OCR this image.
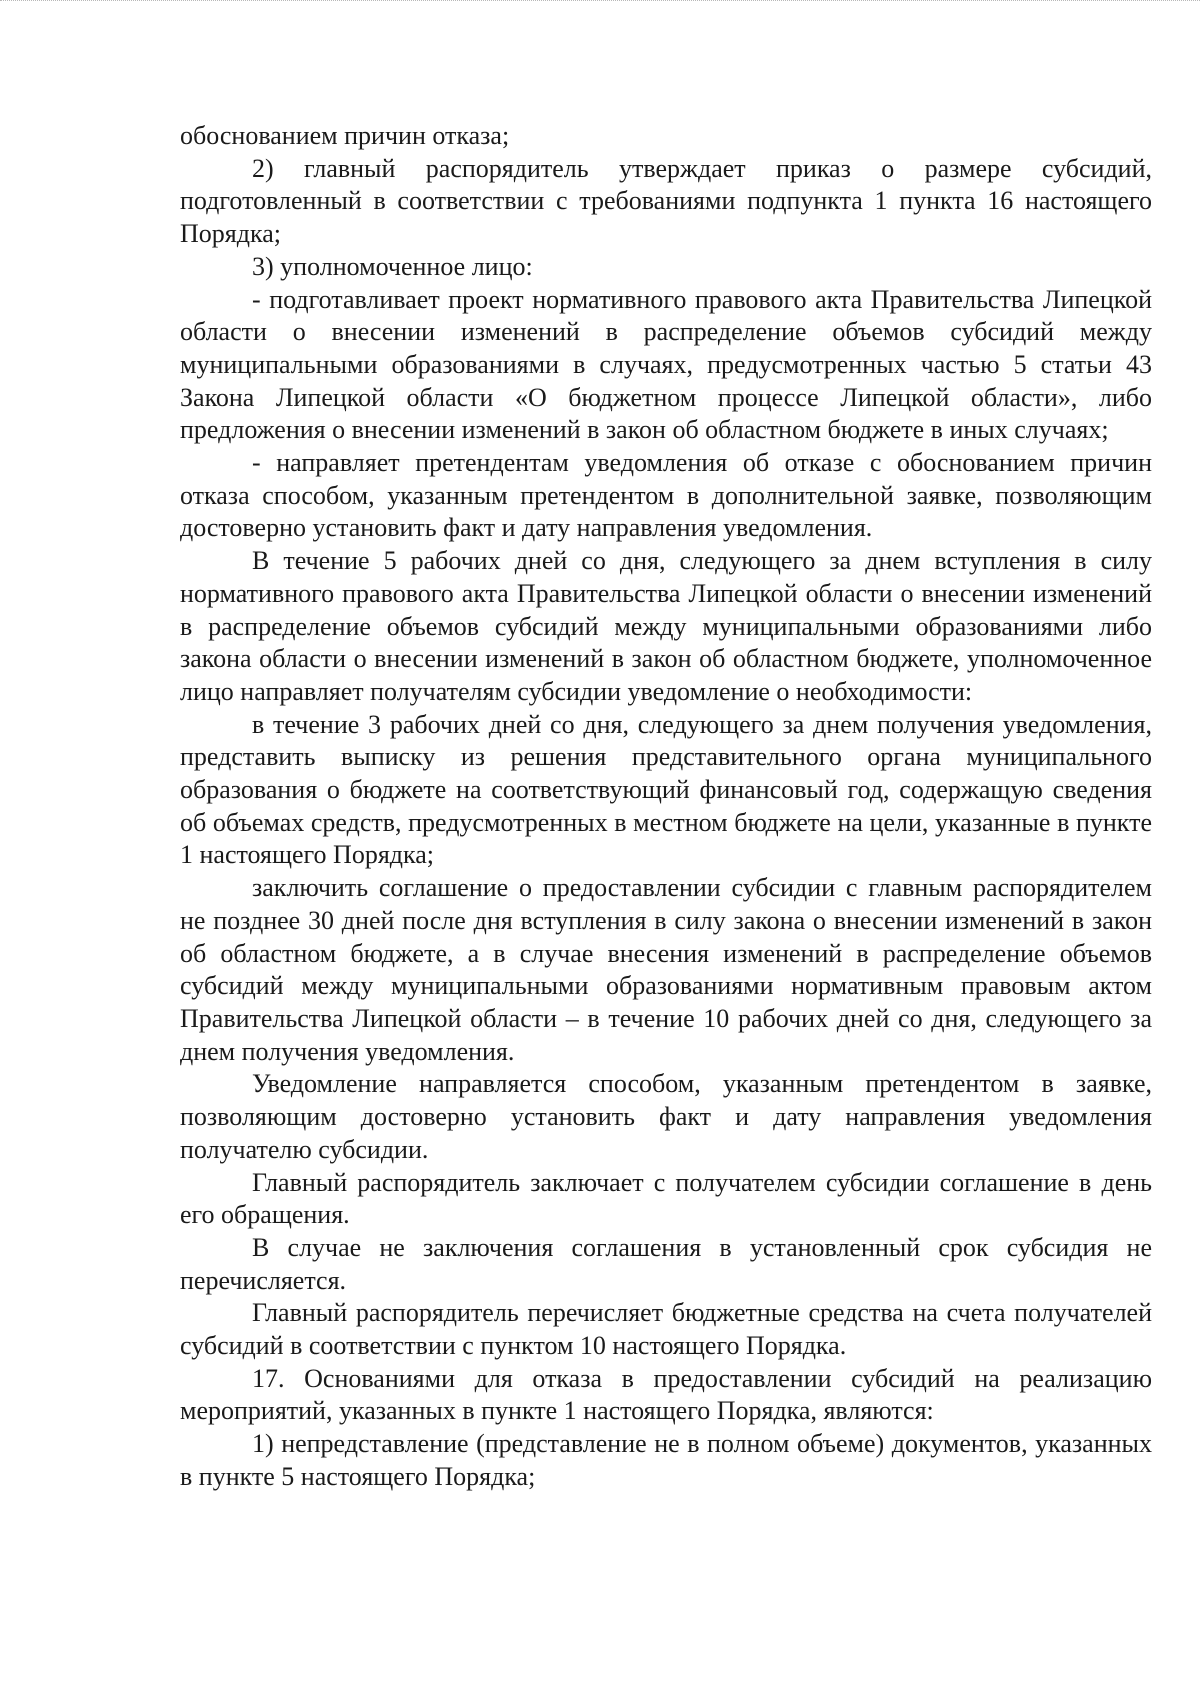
обоснованием причин отказа;

2) главный распорядитель утверждает приказ о размере субсидий, подготовленный в соответствии с требованиями подпункта 1 пункта 16 настоящего Порядка;

3) уполномоченное лицо:

- подготавливает проект нормативного правового акта Правительства Липецкой области о внесении изменений в распределение объемов субсидий между муниципальными образованиями в случаях, предусмотренных частью 5 статьи 43 Закона Липецкой области «О бюджетном процессе Липецкой области», либо предложения о внесении изменений в закон об областном бюджете в иных случаях;

- направляет претендентам уведомления об отказе с обоснованием причин отказа способом, указанным претендентом в дополнительной заявке, позволяющим достоверно установить факт и дату направления уведомления.

В течение 5 рабочих дней со дня, следующего за днем вступления в силу нормативного правового акта Правительства Липецкой области о внесении изменений в распределение объемов субсидий между муниципальными образованиями либо закона области о внесении изменений в закон об областном бюджете, уполномоченное лицо направляет получателям субсидии уведомление о необходимости:

в течение 3 рабочих дней со дня, следующего за днем получения уведомления, представить выписку из решения представительного органа муниципального образования о бюджете на соответствующий финансовый год, содержащую сведения об объемах средств, предусмотренных в местном бюджете на цели, указанные в пункте 1 настоящего Порядка;

заключить соглашение о предоставлении субсидии с главным распорядителем не позднее 30 дней после дня вступления в силу закона о внесении изменений в закон об областном бюджете, а в случае внесения изменений в распределение объемов субсидий между муниципальными образованиями нормативным правовым актом Правительства Липецкой области – в течение 10 рабочих дней со дня, следующего за днем получения уведомления.

Уведомление направляется способом, указанным претендентом в заявке, позволяющим достоверно установить факт и дату направления уведомления получателю субсидии.

Главный распорядитель заключает с получателем субсидии соглашение в день его обращения.

В случае не заключения соглашения в установленный срок субсидия не перечисляется.

Главный распорядитель перечисляет бюджетные средства на счета получателей субсидий в соответствии с пунктом 10 настоящего Порядка.

17. Основаниями для отказа в предоставлении субсидий на реализацию мероприятий, указанных в пункте 1 настоящего Порядка, являются:

1) непредставление (представление не в полном объеме) документов, указанных в пункте 5 настоящего Порядка;
